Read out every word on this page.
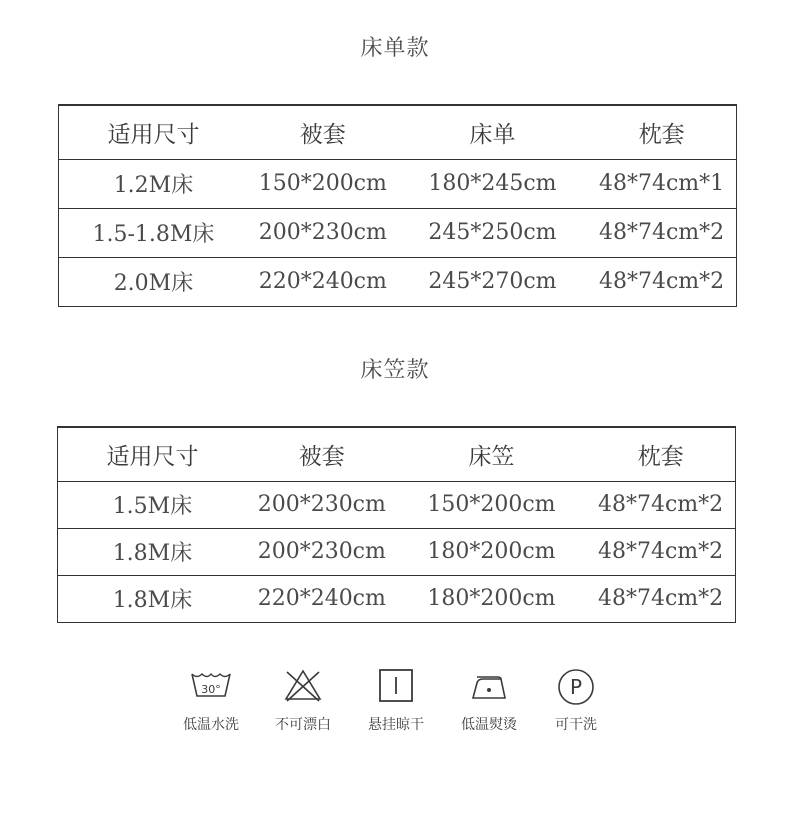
床单款
适用尺寸	被套	床单	枕套
1.2M床	150*200cm	180*245cm	48*74cm*1
1.5-1.8M床	200*230cm	245*250cm	48*74cm*2
2.0M床	220*240cm	245*270cm	48*74cm*2
床笠款
适用尺寸	被套	床笠	枕套
1.5M床	200*230cm	150*200cm	48*74cm*2
1.8M床	200*230cm	180*200cm	48*74cm*2
1.8M床	220*240cm	180*200cm	48*74cm*2
30°
低温水洗	不可漂白	悬挂晾干	低温熨烫
P
可干洗
